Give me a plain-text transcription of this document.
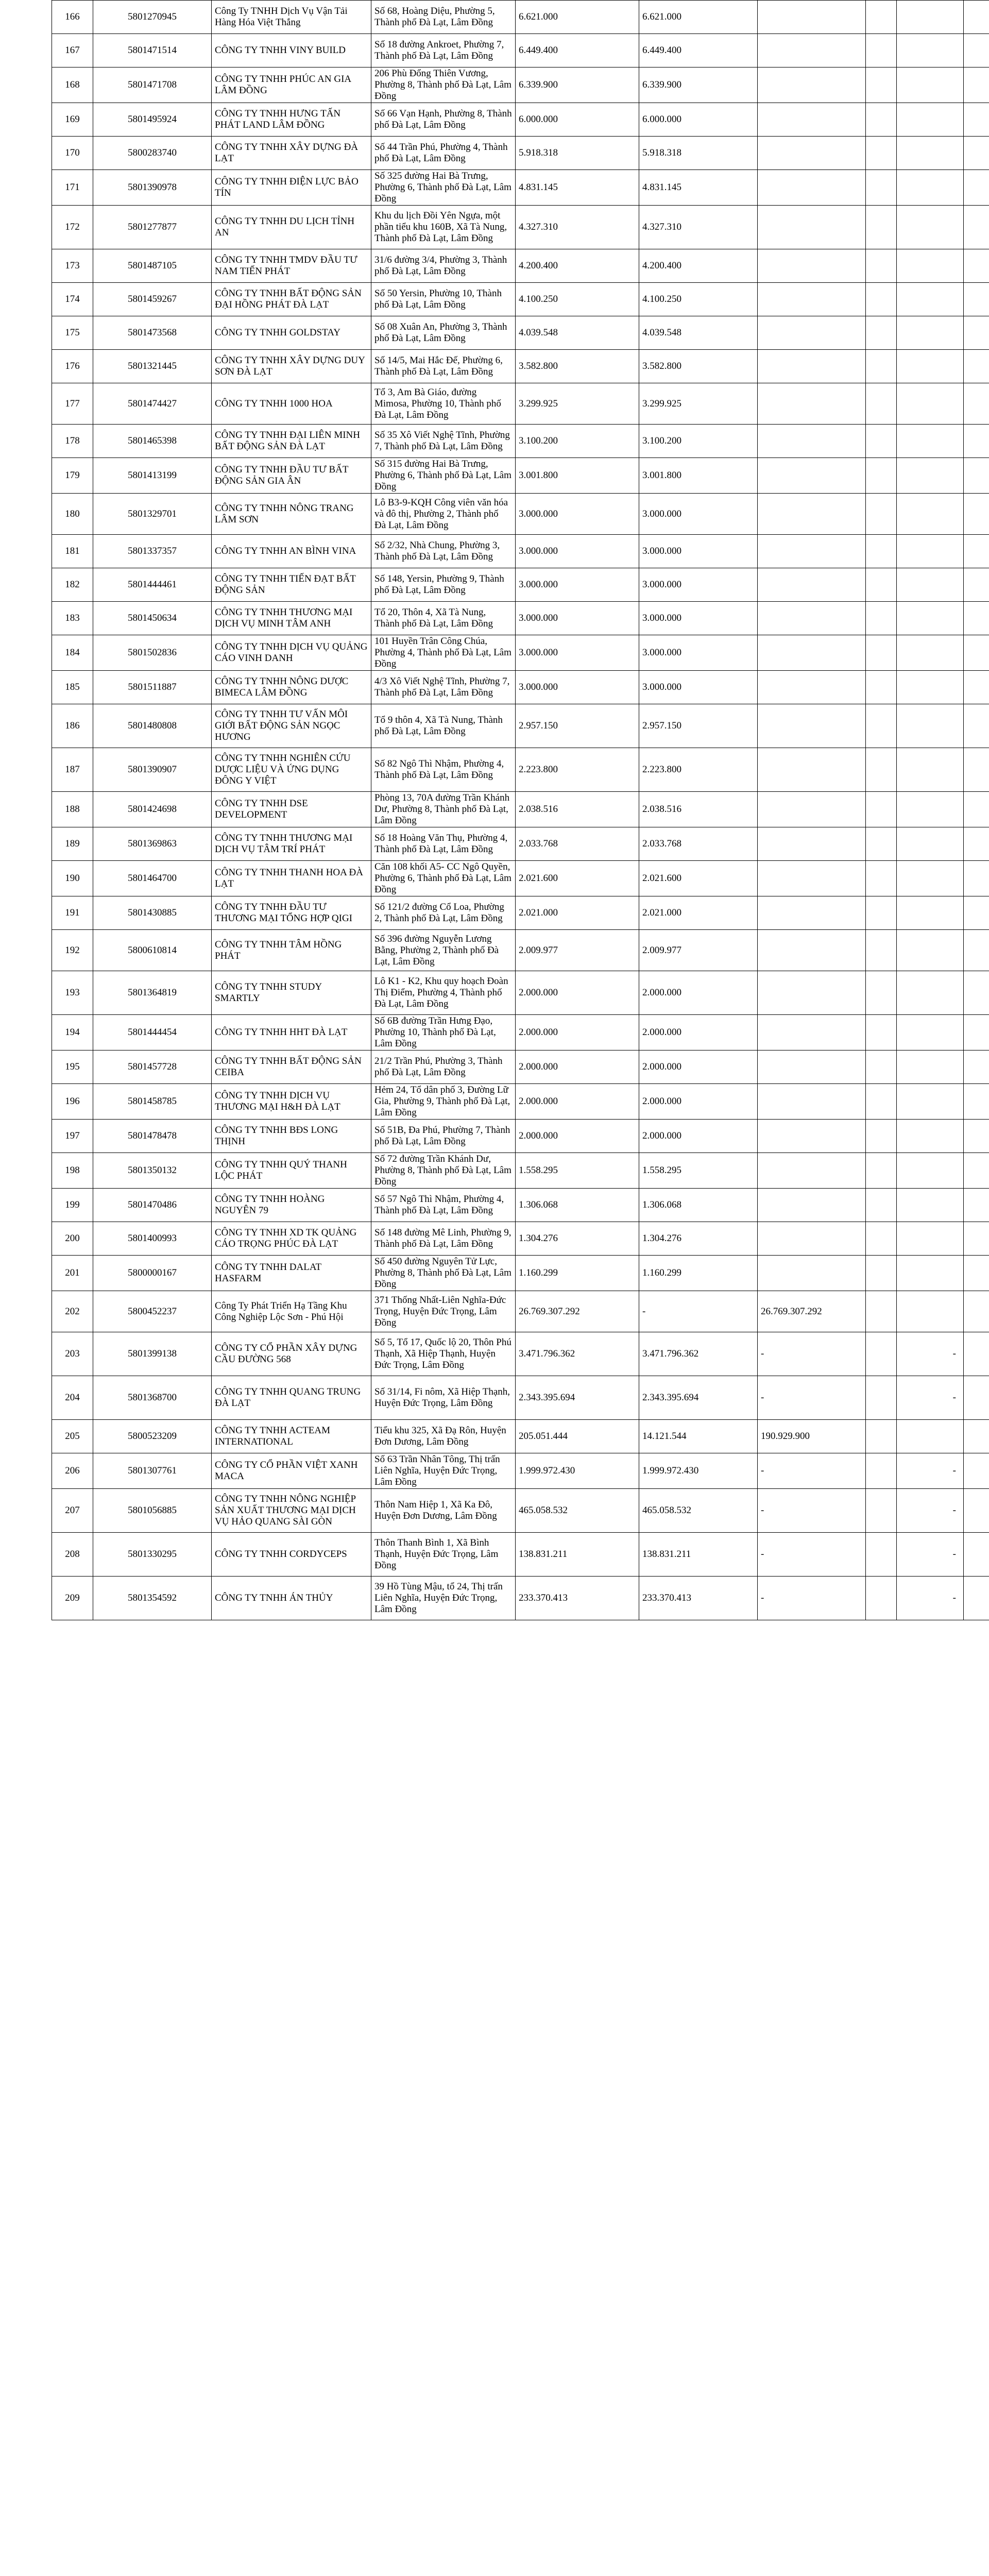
166	5801270945	Công Ty TNHH Dịch Vụ Vận Tải Hàng Hóa Việt Thắng	Số 68, Hoàng Diệu, Phường 5, Thành phố Đà Lạt, Lâm Đồng	6.621.000	6.621.000				
167	5801471514	CÔNG TY TNHH VINY BUILD	Số 18 đường Ankroet, Phường 7, Thành phố Đà Lạt, Lâm Đồng	6.449.400	6.449.400				
168	5801471708	CÔNG TY TNHH PHÚC AN GIA LÂM ĐỒNG	206 Phù Đổng Thiên Vương, Phường 8, Thành phố Đà Lạt, Lâm Đồng	6.339.900	6.339.900				
169	5801495924	CÔNG TY TNHH HƯNG TẤN PHÁT LAND LÂM ĐỒNG	Số 66 Vạn Hạnh, Phường 8, Thành phố Đà Lạt, Lâm Đồng	6.000.000	6.000.000				
170	5800283740	CÔNG TY TNHH XÂY DỰNG ĐÀ LẠT	Số 44 Trần Phú, Phường 4, Thành phố Đà Lạt, Lâm Đồng	5.918.318	5.918.318				
171	5801390978	CÔNG TY TNHH ĐIỆN LỰC BẢO TÍN	Số 325 đường Hai Bà Trưng, Phường 6, Thành phố Đà Lạt, Lâm Đồng	4.831.145	4.831.145				
172	5801277877	CÔNG TY TNHH DU LỊCH TỈNH AN	Khu du lịch Đồi Yên Ngựa, một phần tiểu khu 160B, Xã Tà Nung, Thành phố Đà Lạt, Lâm Đồng	4.327.310	4.327.310				
173	5801487105	CÔNG TY TNHH TMDV ĐẦU TƯ NAM TIẾN PHÁT	31/6 đường 3/4, Phường 3, Thành phố Đà Lạt, Lâm Đồng	4.200.400	4.200.400				
174	5801459267	CÔNG TY TNHH BẤT ĐỘNG SẢN ĐẠI HỒNG PHÁT ĐÀ LẠT	Số 50 Yersin, Phường 10, Thành phố Đà Lạt, Lâm Đồng	4.100.250	4.100.250				
175	5801473568	CÔNG TY TNHH GOLDSTAY	Số 08 Xuân An, Phường 3, Thành phố Đà Lạt, Lâm Đồng	4.039.548	4.039.548				
176	5801321445	CÔNG TY TNHH XÂY DỰNG DUY SƠN ĐÀ LẠT	Số 14/5, Mai Hắc Đế, Phường 6, Thành phố Đà Lạt, Lâm Đồng	3.582.800	3.582.800				
177	5801474427	CÔNG TY TNHH 1000 HOA	Tổ 3, Am Bà Giáo, đường Mimosa, Phường 10, Thành phố Đà Lạt, Lâm Đồng	3.299.925	3.299.925				
178	5801465398	CÔNG TY TNHH ĐẠI LIÊN MINH BẤT ĐỘNG SẢN ĐÀ LẠT	Số 35 Xô Viết Nghệ Tĩnh, Phường 7, Thành phố Đà Lạt, Lâm Đồng	3.100.200	3.100.200				
179	5801413199	CÔNG TY TNHH ĐẦU TƯ BẤT ĐỘNG SẢN GIA ÂN	Số 315 đường Hai Bà Trưng, Phường 6, Thành phố Đà Lạt, Lâm Đồng	3.001.800	3.001.800				
180	5801329701	CÔNG TY TNHH NÔNG TRANG LÂM SƠN	Lô B3-9-KQH Công viên văn hóa và đô thị, Phường 2, Thành phố Đà Lạt, Lâm Đồng	3.000.000	3.000.000				
181	5801337357	CÔNG TY TNHH AN BÌNH VINA	Số 2/32, Nhà Chung, Phường 3, Thành phố Đà Lạt, Lâm Đồng	3.000.000	3.000.000				
182	5801444461	CÔNG TY TNHH TIẾN ĐẠT BẤT ĐỘNG SẢN	Số 148, Yersin, Phường 9, Thành phố Đà Lạt, Lâm Đồng	3.000.000	3.000.000				
183	5801450634	CÔNG TY TNHH THƯƠNG MẠI DỊCH VỤ MINH TÂM ANH	Tổ 20, Thôn 4, Xã Tà Nung, Thành phố Đà Lạt, Lâm Đồng	3.000.000	3.000.000				
184	5801502836	CÔNG TY TNHH DỊCH VỤ QUẢNG CÁO VINH DANH	101 Huyền Trân Công Chúa, Phường 4, Thành phố Đà Lạt, Lâm Đồng	3.000.000	3.000.000				
185	5801511887	CÔNG TY TNHH NÔNG DƯỢC BIMECA LÂM ĐỒNG	4/3 Xô Viết Nghệ Tĩnh, Phường 7, Thành phố Đà Lạt, Lâm Đồng	3.000.000	3.000.000				
186	5801480808	CÔNG TY TNHH TƯ VẤN MÔI GIỚI BẤT ĐỘNG SẢN NGỌC HƯƠNG	Tổ 9 thôn 4, Xã Tà Nung, Thành phố Đà Lạt, Lâm Đồng	2.957.150	2.957.150				
187	5801390907	CÔNG TY TNHH NGHIÊN CỨU DƯỢC LIỆU VÀ ỨNG DỤNG ĐÔNG Y VIỆT	Số 82 Ngô Thì Nhậm, Phường 4, Thành phố Đà Lạt, Lâm Đồng	2.223.800	2.223.800				
188	5801424698	CÔNG TY TNHH DSE DEVELOPMENT	Phòng 13, 70A đường Trần Khánh Dư, Phường 8, Thành phố Đà Lạt, Lâm Đồng	2.038.516	2.038.516				
189	5801369863	CÔNG TY TNHH THƯƠNG MẠI DỊCH VỤ TÂM TRÍ PHÁT	Số 18 Hoàng Văn Thụ, Phường 4, Thành phố Đà Lạt, Lâm Đồng	2.033.768	2.033.768				
190	5801464700	CÔNG TY TNHH THANH HOA ĐÀ LẠT	Căn 108 khối A5- CC Ngô Quyền, Phường 6, Thành phố Đà Lạt, Lâm Đồng	2.021.600	2.021.600				
191	5801430885	CÔNG TY TNHH ĐẦU TƯ THƯƠNG MẠI TỔNG HỢP QIGI	Số 121/2 đường Cổ Loa, Phường 2, Thành phố Đà Lạt, Lâm Đồng	2.021.000	2.021.000				
192	5800610814	CÔNG TY TNHH TÂM HỒNG PHÁT	Số 396 đường Nguyễn Lương Bằng, Phường 2, Thành phố Đà Lạt, Lâm Đồng	2.009.977	2.009.977				
193	5801364819	CÔNG TY TNHH STUDY SMARTLY	Lô K1 - K2, Khu quy hoạch Đoàn Thị Điểm, Phường 4, Thành phố Đà Lạt, Lâm Đồng	2.000.000	2.000.000				
194	5801444454	CÔNG TY TNHH HHT ĐÀ LẠT	Số 6B đường Trần Hưng Đạo, Phường 10, Thành phố Đà Lạt, Lâm Đồng	2.000.000	2.000.000				
195	5801457728	CÔNG TY TNHH BẤT ĐỘNG SẢN CEIBA	21/2 Trần Phú, Phường 3, Thành phố Đà Lạt, Lâm Đồng	2.000.000	2.000.000				
196	5801458785	CÔNG TY TNHH DỊCH VỤ THƯƠNG MẠI H&H ĐÀ LẠT	Hẻm 24, Tổ dân phố 3, Đường Lữ Gia, Phường 9, Thành phố Đà Lạt, Lâm Đồng	2.000.000	2.000.000				
197	5801478478	CÔNG TY TNHH BĐS LONG THỊNH	Số 51B, Đa Phú, Phường 7, Thành phố Đà Lạt, Lâm Đồng	2.000.000	2.000.000				
198	5801350132	CÔNG TY TNHH QUÝ THANH LỘC PHÁT	Số 72 đường Trần Khánh Dư, Phường 8, Thành phố Đà Lạt, Lâm Đồng	1.558.295	1.558.295				
199	5801470486	CÔNG TY TNHH HOÀNG NGUYÊN 79	Số 57 Ngô Thì Nhậm, Phường 4, Thành phố Đà Lạt, Lâm Đồng	1.306.068	1.306.068				
200	5801400993	CÔNG TY TNHH XD TK QUẢNG CÁO TRỌNG PHÚC ĐÀ LẠT	Số 148 đường Mê Linh, Phường 9, Thành phố Đà Lạt, Lâm Đồng	1.304.276	1.304.276				
201	5800000167	CÔNG TY TNHH DALAT HASFARM	Số 450 đường Nguyên Tử Lực, Phường 8, Thành phố Đà Lạt, Lâm Đồng	1.160.299	1.160.299				
202	5800452237	Công Ty Phát Triển Hạ Tầng Khu Công Nghiệp Lộc Sơn - Phú Hội	371 Thống Nhất-Liên Nghĩa-Đức Trọng, Huyện Đức Trọng, Lâm Đồng	26.769.307.292	-	26.769.307.292			
203	5801399138	CÔNG TY CỔ PHẦN XÂY DỰNG CẦU ĐƯỜNG 568	Số 5, Tổ 17, Quốc lộ 20, Thôn Phú Thạnh, Xã Hiệp Thạnh, Huyện Đức Trọng, Lâm Đồng	3.471.796.362	3.471.796.362	-		-	
204	5801368700	CÔNG TY TNHH QUANG TRUNG ĐÀ LẠT	Số 31/14, Fi nôm, Xã Hiệp Thạnh, Huyện Đức Trọng, Lâm Đồng	2.343.395.694	2.343.395.694	-		-	
205	5800523209	CÔNG TY TNHH ACTEAM INTERNATIONAL	Tiểu khu 325, Xã Đạ Rôn, Huyện Đơn Dương, Lâm Đồng	205.051.444	14.121.544	190.929.900			
206	5801307761	CÔNG TY CỔ PHẦN VIỆT XANH MACA	Số 63 Trần Nhân Tông, Thị trấn Liên Nghĩa, Huyện Đức Trọng, Lâm Đồng	1.999.972.430	1.999.972.430	-		-	
207	5801056885	CÔNG TY TNHH NÔNG NGHIỆP SẢN XUẤT THƯƠNG MẠI DỊCH VỤ HẢO QUANG SÀI GÒN	Thôn Nam Hiệp 1, Xã Ka Đô, Huyện Đơn Dương, Lâm Đồng	465.058.532	465.058.532	-		-	
208	5801330295	CÔNG TY TNHH CORDYCEPS	Thôn Thanh Bình 1, Xã Bình Thạnh, Huyện Đức Trọng, Lâm Đồng	138.831.211	138.831.211	-		-	
209	5801354592	CÔNG TY TNHH ÁN THỦY	39 Hồ Tùng Mậu, tổ 24, Thị trấn Liên Nghĩa, Huyện Đức Trọng, Lâm Đồng	233.370.413	233.370.413	-		-	
